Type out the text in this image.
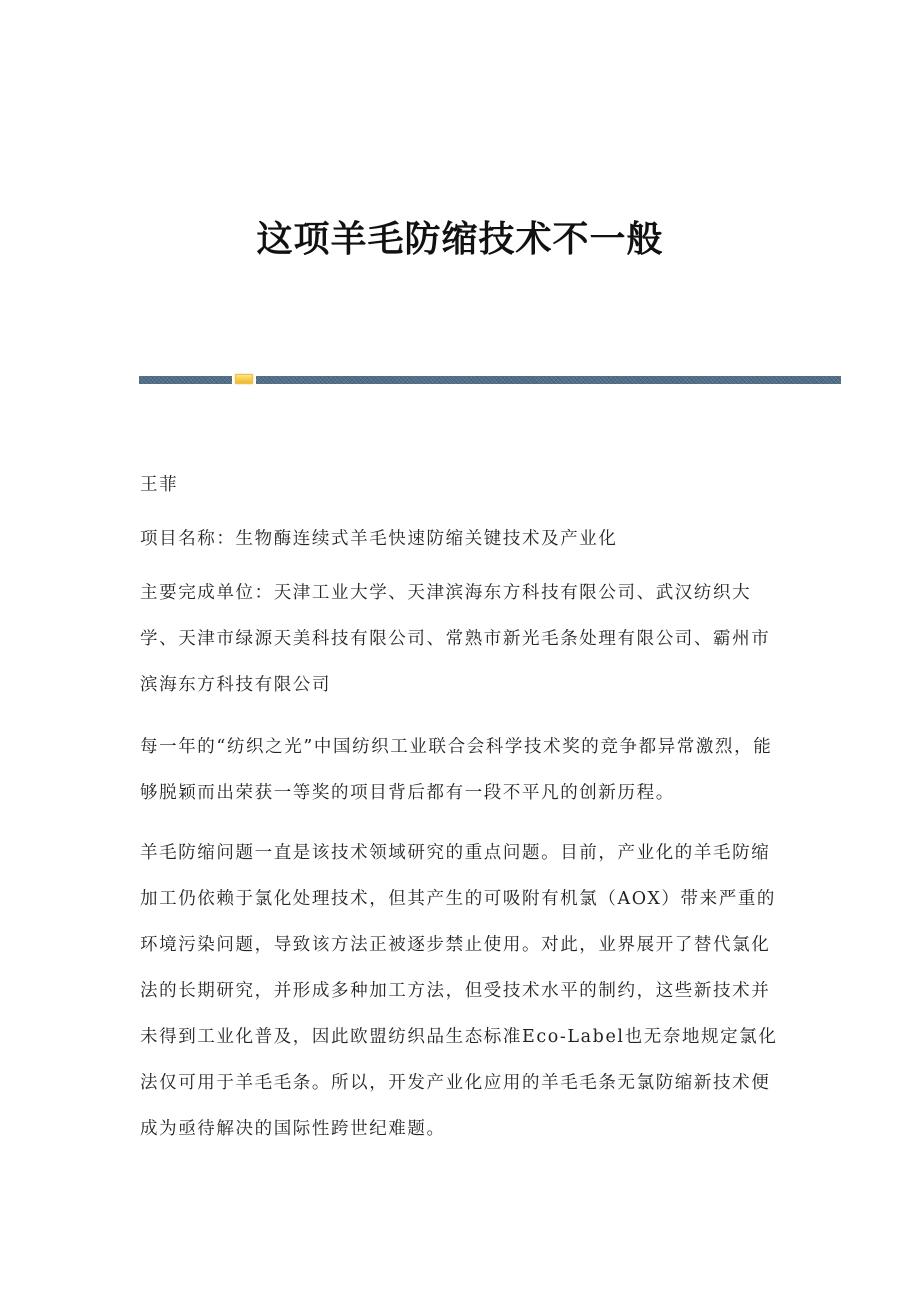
这项羊毛防缩技术不一般

王菲

项目名称：生物酶连续式羊毛快速防缩关键技术及产业化

主要完成单位：天津工业大学、天津滨海东方科技有限公司、武汉纺织大学、天津市绿源天美科技有限公司、常熟市新光毛条处理有限公司、霸州市滨海东方科技有限公司

每一年的“纺织之光”中国纺织工业联合会科学技术奖的竞争都异常激烈，能够脱颖而出荣获一等奖的项目背后都有一段不平凡的创新历程。

羊毛防缩问题一直是该技术领域研究的重点问题。目前，产业化的羊毛防缩加工仍依赖于氯化处理技术，但其产生的可吸附有机氯（AOX）带来严重的环境污染问题，导致该方法正被逐步禁止使用。对此，业界展开了替代氯化法的长期研究，并形成多种加工方法，但受技术水平的制约，这些新技术并未得到工业化普及，因此欧盟纺织品生态标准Eco-Label也无奈地规定氯化法仅可用于羊毛毛条。所以，开发产业化应用的羊毛毛条无氯防缩新技术便成为亟待解决的国际性跨世纪难题。
